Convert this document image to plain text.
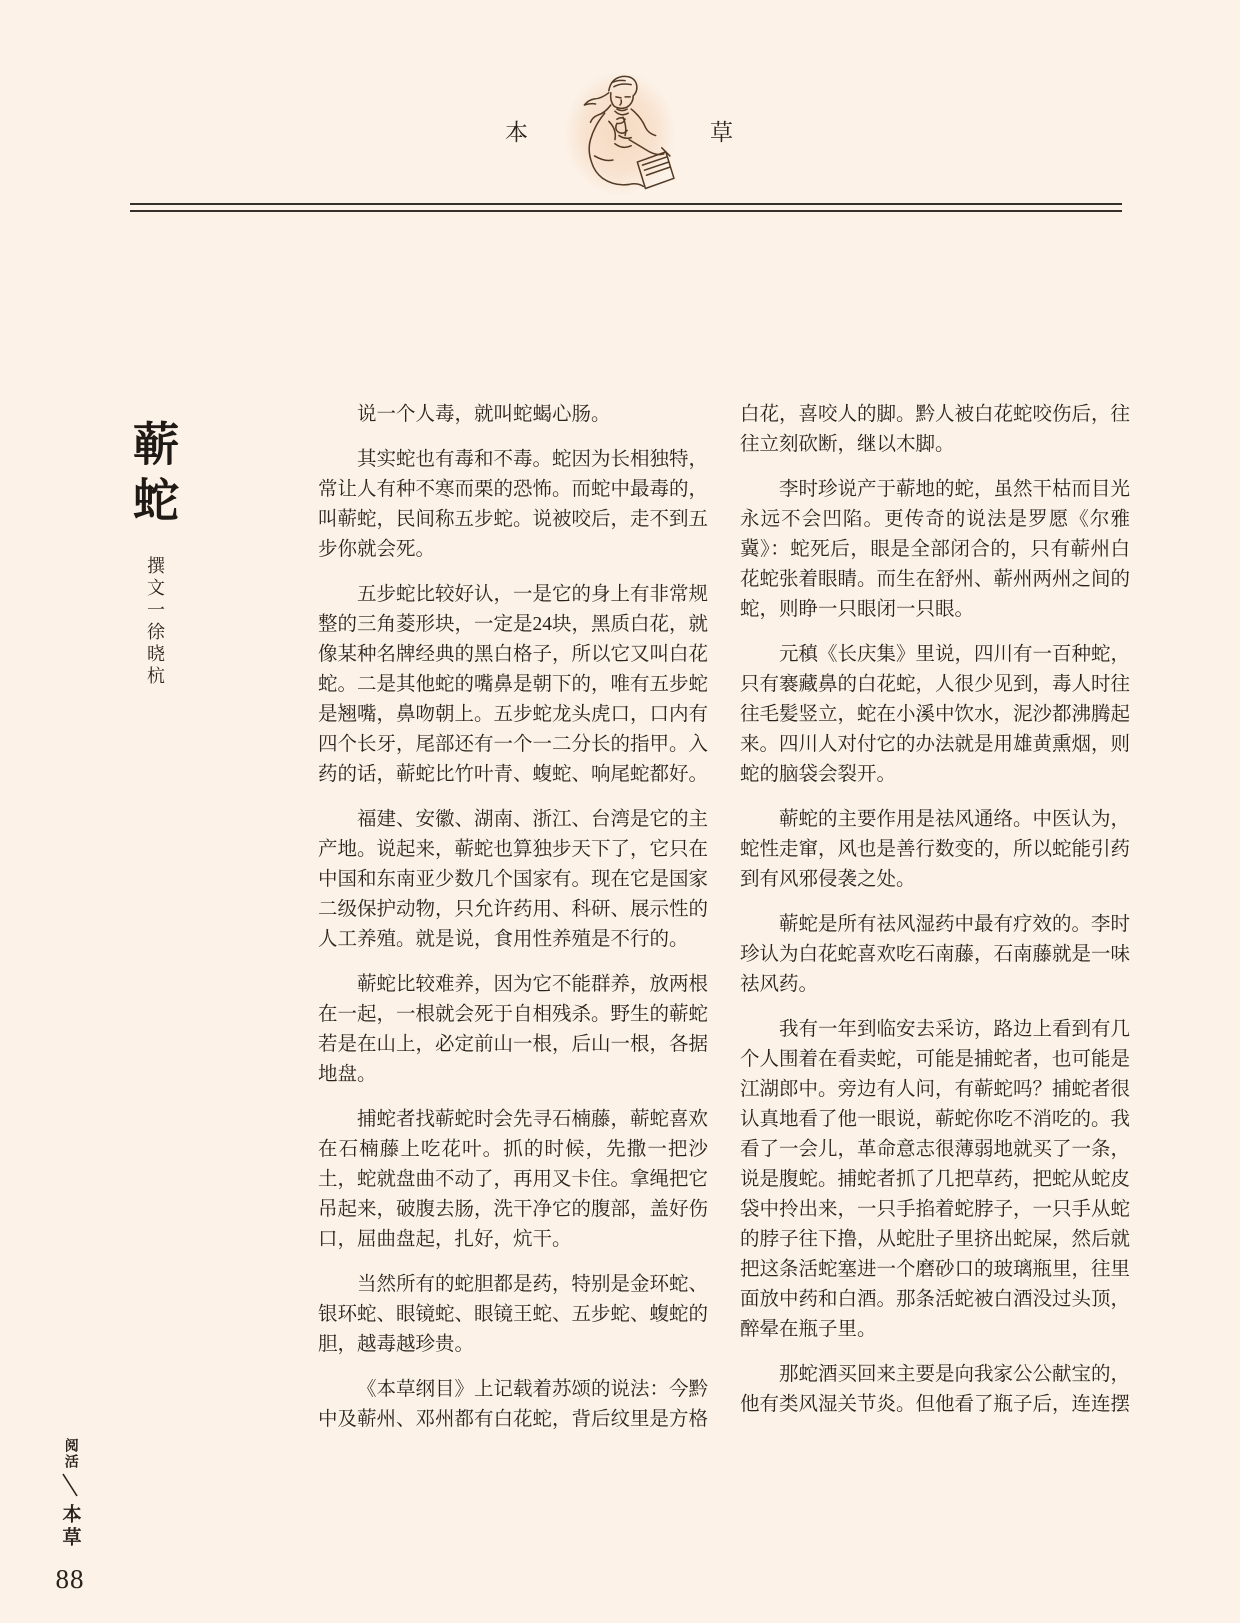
本	草
蕲蛇
撰文一徐晓杭

说一个人毒，就叫蛇蝎心肠。

其实蛇也有毒和不毒。蛇因为长相独特，常让人有种不寒而栗的恐怖。而蛇中最毒的，叫蕲蛇，民间称五步蛇。说被咬后，走不到五步你就会死。

五步蛇比较好认，一是它的身上有非常规整的三角菱形块，一定是24块，黑质白花，就像某种名牌经典的黑白格子，所以它又叫白花蛇。二是其他蛇的嘴鼻是朝下的，唯有五步蛇是翘嘴，鼻吻朝上。五步蛇龙头虎口，口内有四个长牙，尾部还有一个一二分长的指甲。入药的话，蕲蛇比竹叶青、蝮蛇、响尾蛇都好。

福建、安徽、湖南、浙江、台湾是它的主产地。说起来，蕲蛇也算独步天下了，它只在中国和东南亚少数几个国家有。现在它是国家二级保护动物，只允许药用、科研、展示性的人工养殖。就是说，食用性养殖是不行的。

蕲蛇比较难养，因为它不能群养，放两根在一起，一根就会死于自相残杀。野生的蕲蛇若是在山上，必定前山一根，后山一根，各据地盘。

捕蛇者找蕲蛇时会先寻石楠藤，蕲蛇喜欢在石楠藤上吃花叶。抓的时候，先撒一把沙土，蛇就盘曲不动了，再用叉卡住。拿绳把它吊起来，破腹去肠，洗干净它的腹部，盖好伤口，屈曲盘起，扎好，炕干。

当然所有的蛇胆都是药，特别是金环蛇、银环蛇、眼镜蛇、眼镜王蛇、五步蛇、蝮蛇的胆，越毒越珍贵。

《本草纲目》上记载着苏颂的说法：今黔中及蕲州、邓州都有白花蛇，背后纹里是方格

白花，喜咬人的脚。黔人被白花蛇咬伤后，往往立刻砍断，继以木脚。

李时珍说产于蕲地的蛇，虽然干枯而目光永远不会凹陷。更传奇的说法是罗愿《尔雅冀》：蛇死后，眼是全部闭合的，只有蕲州白花蛇张着眼睛。而生在舒州、蕲州两州之间的蛇，则睁一只眼闭一只眼。

元稹《长庆集》里说，四川有一百种蛇，只有褰藏鼻的白花蛇，人很少见到，毒人时往往毛髪竖立，蛇在小溪中饮水，泥沙都沸腾起来。四川人对付它的办法就是用雄黄熏烟，则蛇的脑袋会裂开。

蕲蛇的主要作用是祛风通络。中医认为，蛇性走窜，风也是善行数变的，所以蛇能引药到有风邪侵袭之处。

蕲蛇是所有祛风湿药中最有疗效的。李时珍认为白花蛇喜欢吃石南藤，石南藤就是一味祛风药。

我有一年到临安去采访，路边上看到有几个人围着在看卖蛇，可能是捕蛇者，也可能是江湖郎中。旁边有人问，有蕲蛇吗？捕蛇者很认真地看了他一眼说，蕲蛇你吃不消吃的。我看了一会儿，革命意志很薄弱地就买了一条，说是腹蛇。捕蛇者抓了几把草药，把蛇从蛇皮袋中拎出来，一只手掐着蛇脖子，一只手从蛇的脖子往下撸，从蛇肚子里挤出蛇屎，然后就把这条活蛇塞进一个磨砂口的玻璃瓶里，往里面放中药和白酒。那条活蛇被白酒没过头顶，醉晕在瓶子里。

那蛇酒买回来主要是向我家公公献宝的，他有类风湿关节炎。但他看了瓶子后，连连摆

阅活
本草
88
